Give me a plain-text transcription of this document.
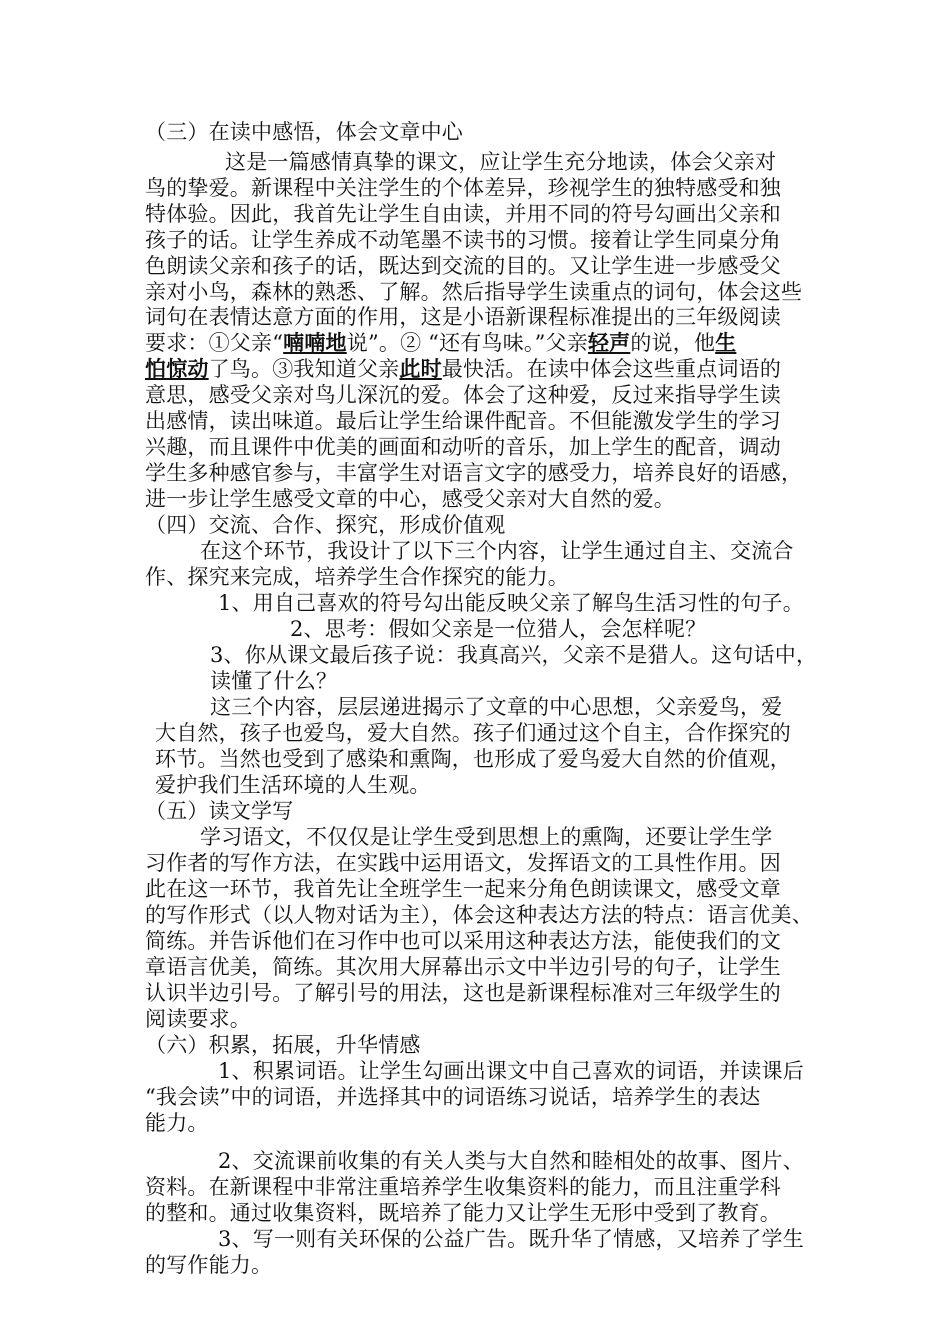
（三）在读中感悟，体会文章中心
这是一篇感情真挚的课文，应让学生充分地读，体会父亲对
鸟的挚爱。新课程中关注学生的个体差异，珍视学生的独特感受和独
特体验。因此，我首先让学生自由读，并用不同的符号勾画出父亲和
孩子的话。让学生养成不动笔墨不读书的习惯。接着让学生同桌分角
色朗读父亲和孩子的话，既达到交流的目的。又让学生进一步感受父
亲对小鸟，森林的熟悉、了解。然后指导学生读重点的词句，体会这些
词句在表情达意方面的作用，这是小语新课程标准提出的三年级阅读
要求：①父亲“喃喃地说”。② “还有鸟味。”父亲轻声的说，他生
怕惊动了鸟。③我知道父亲此时最快活。在读中体会这些重点词语的
意思，感受父亲对鸟儿深沉的爱。体会了这种爱，反过来指导学生读
出感情，读出味道。最后让学生给课件配音。不但能激发学生的学习
兴趣，而且课件中优美的画面和动听的音乐，加上学生的配音，调动
学生多种感官参与，丰富学生对语言文字的感受力，培养良好的语感，
进一步让学生感受文章的中心，感受父亲对大自然的爱。
（四）交流、合作、探究，形成价值观
在这个环节，我设计了以下三个内容，让学生通过自主、交流合
作、探究来完成，培养学生合作探究的能力。
1、用自己喜欢的符号勾出能反映父亲了解鸟生活习性的句子。
2、思考：假如父亲是一位猎人，会怎样呢？
3、你从课文最后孩子说：我真高兴，父亲不是猎人。这句话中，
读懂了什么？
这三个内容，层层递进揭示了文章的中心思想，父亲爱鸟，爱
大自然，孩子也爱鸟，爱大自然。孩子们通过这个自主，合作探究的
环节。当然也受到了感染和熏陶，也形成了爱鸟爱大自然的价值观，
爱护我们生活环境的人生观。
（五）读文学写
学习语文，不仅仅是让学生受到思想上的熏陶，还要让学生学
习作者的写作方法，在实践中运用语文，发挥语文的工具性作用。因
此在这一环节，我首先让全班学生一起来分角色朗读课文，感受文章
的写作形式（以人物对话为主），体会这种表达方法的特点：语言优美、
简练。并告诉他们在习作中也可以采用这种表达方法，能使我们的文
章语言优美，简练。其次用大屏幕出示文中半边引号的句子，让学生
认识半边引号。了解引号的用法，这也是新课程标准对三年级学生的
阅读要求。
（六）积累，拓展，升华情感
1、积累词语。让学生勾画出课文中自己喜欢的词语，并读课后
“我会读”中的词语，并选择其中的词语练习说话，培养学生的表达
能力。
2、交流课前收集的有关人类与大自然和睦相处的故事、图片、
资料。在新课程中非常注重培养学生收集资料的能力，而且注重学科
的整和。通过收集资料，既培养了能力又让学生无形中受到了教育。
3、写一则有关环保的公益广告。既升华了情感，又培养了学生
的写作能力。
